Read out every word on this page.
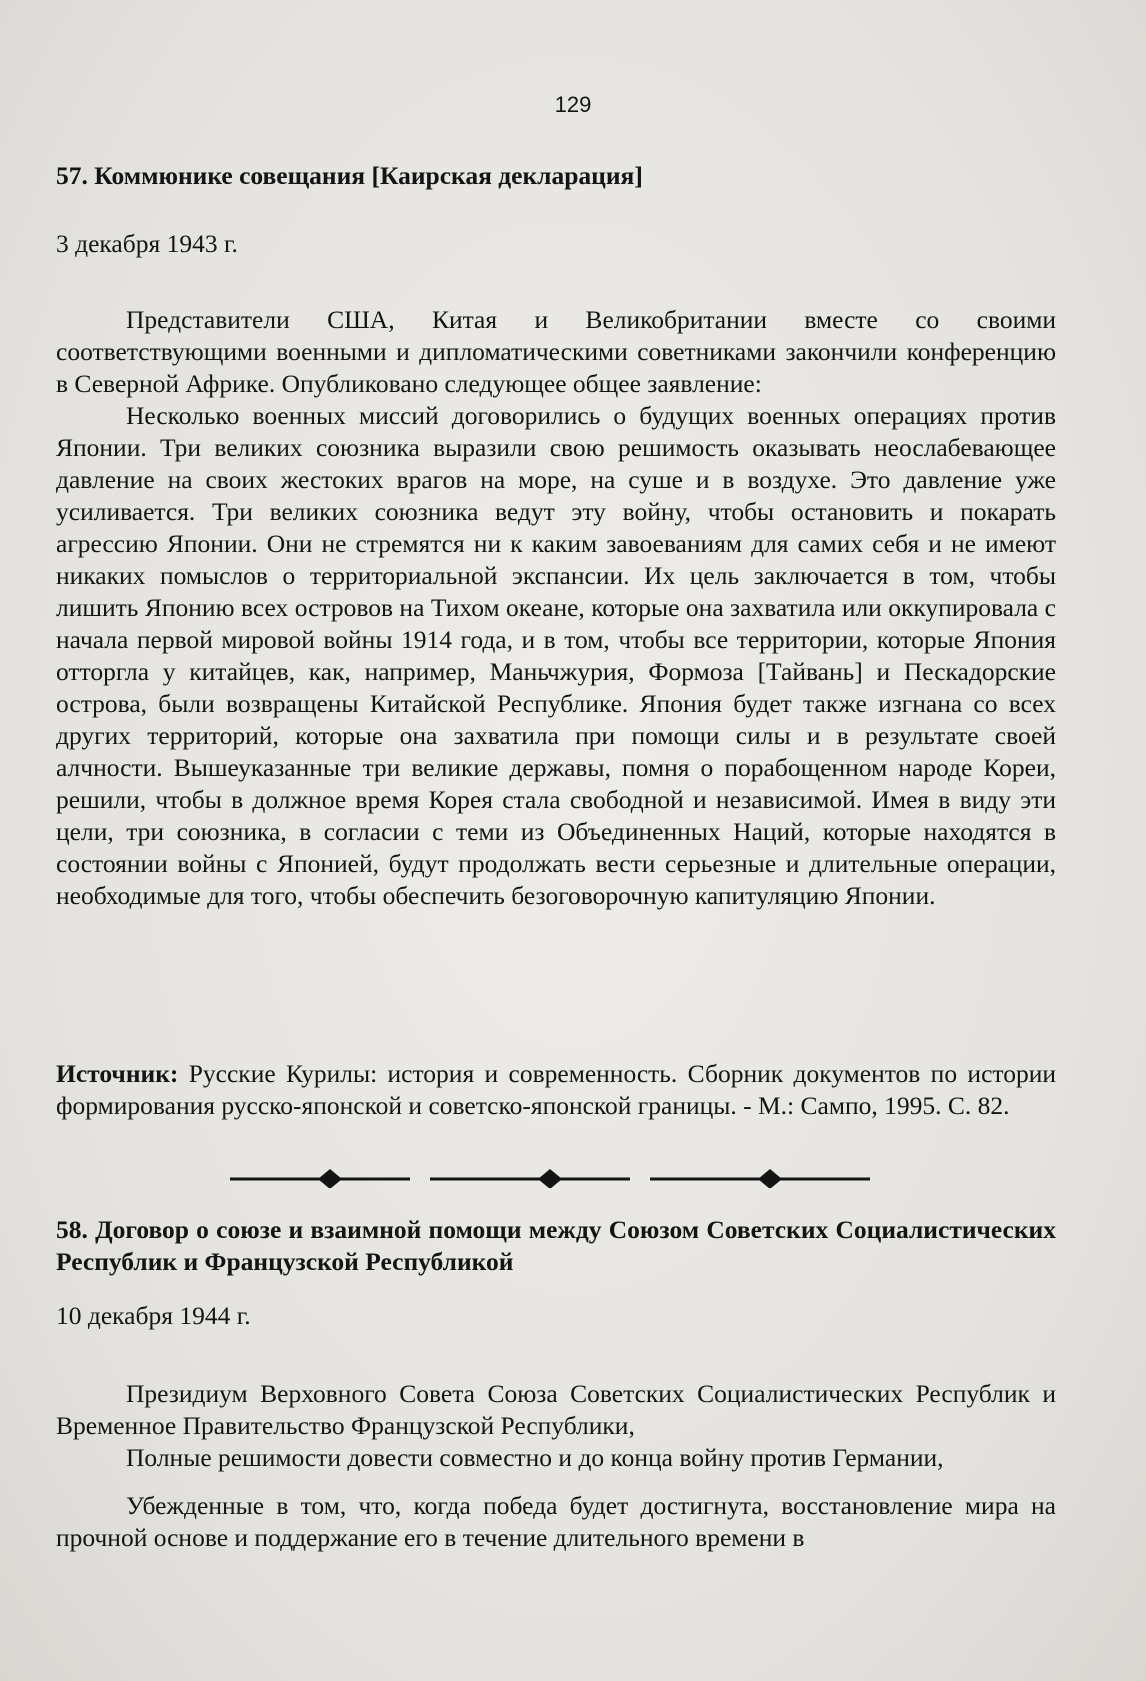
129
57. Коммюнике совещания [Каирская декларация]
3 декабря 1943 г.

Представители США, Китая и Великобритании вместе со своими соответствующими военными и дипломатическими советниками закончили конференцию в Северной Африке. Опубликовано следующее общее заявление:

Несколько военных миссий договорились о будущих военных операциях против Японии. Три великих союзника выразили свою решимость оказывать неослабевающее давление на своих жестоких врагов на море, на суше и в воздухе. Это давление уже усиливается. Три великих союзника ведут эту войну, чтобы остановить и покарать агрессию Японии. Они не стремятся ни к каким завоеваниям для самих себя и не имеют никаких помыслов о территориальной экспансии. Их цель заключается в том, чтобы лишить Японию всех островов на Тихом океане, которые она захватила или оккупировала с начала первой мировой войны 1914 года, и в том, чтобы все территории, которые Япония отторгла у китайцев, как, например, Маньчжурия, Формоза [Тайвань] и Пескадорские острова, были возвращены Китайской Республике. Япония будет также изгнана со всех других территорий, которые она захватила при помощи силы и в результате своей алчности. Вышеуказанные три великие державы, помня о порабощенном народе Кореи, решили, чтобы в должное время Корея стала свободной и независимой. Имея в виду эти цели, три союзника, в согласии с теми из Объединенных Наций, которые находятся в состоянии войны с Японией, будут продолжать вести серьезные и длительные операции, необходимые для того, чтобы обеспечить безоговорочную капитуляцию Японии.

Источник: Русские Курилы: история и современность. Сборник документов по истории формирования русско-японской и советско-японской границы. - М.: Сампо, 1995. С. 82.

58. Договор о союзе и взаимной помощи между Союзом Советских Социалистических Республик и Французской Республикой
10 декабря 1944 г.

Президиум Верховного Совета Союза Советских Социалистических Республик и Временное Правительство Французской Республики,

Полные решимости довести совместно и до конца войну против Германии,

Убежденные в том, что, когда победа будет достигнута, восстановление мира на прочной основе и поддержание его в течение длительного времени в
